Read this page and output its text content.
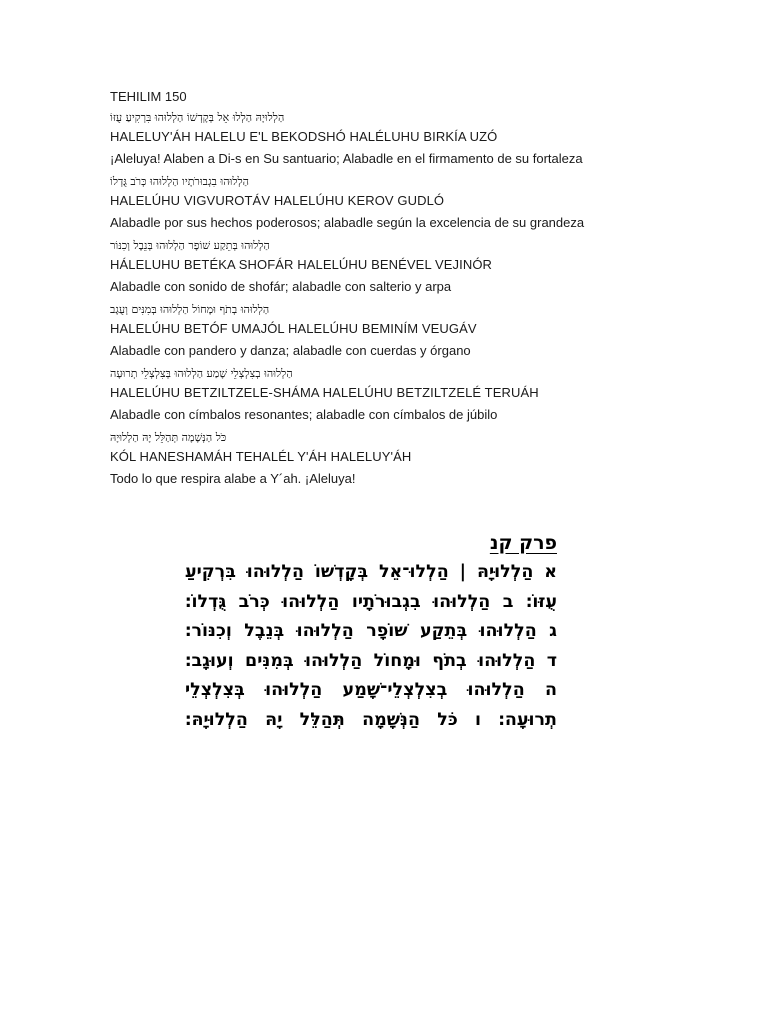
TEHILIM 150
הַלְלוּיָהּ הַלְלוּ אֵל בְּקָדְשׁוֹ הַלְלוּהוּ בִּרְקִיעַ עֻזּוֹ
HALELUY'ÁH HALELU E'L BEKODSHÓ HALÉLUHU BIRKÍA UZÓ
¡Aleluya! Alaben a Di-s en Su santuario; Alabadle en el firmamento de su fortaleza
הַלְלוּהוּ בִגְבוּרֹתָיו הַלְלוּהוּ כְּרֹב גֻּדְלוֹ
HALELÚHU VIGVUROTÁV HALELÚHU KEROV GUDLÓ
Alabadle por sus hechos poderosos; alabadle según la excelencia de su grandeza
הַלְלוּהוּ בְּתֵקַע שׁוֹפָר הַלְלוּהוּ בְּנֵבֶל וְכִנּוֹר
HÁLELUHU BETÉKA SHOFÁR HALELÚHU BENÉVEL VEJINÓR
Alabadle con sonido de shofár; alabadle con salterio y arpa
הַלְלוּהוּ בְתֹף וּמָחוֹל הַלְלוּהוּ בְּמִנִּים וְעֻגָב
HALELÚHU BETÓF UMAJÓL HALELÚHU BEMINÍM VEUGÁV
Alabadle con pandero y danza; alabadle con cuerdas y órgano
הַלְלוּהוּ בְצִלְצְלֵי שָׁמַע הַלְלוּהוּ בְּצִלְצְלֵי תְרוּעָה
HALELÚHU BETZILTZELE-SHÁMA HALELÚHU BETZILTZELÉ TERUÁH
Alabadle con címbalos resonantes; alabadle con címbalos de júbilo
כֹּל הַנְּשָׁמָה תְּהַלֵּל יָהּ הַלְלוּיָהּ
KÓL HANESHAMÁH TEHALÉL Y'ÁH HALELUY'ÁH
Todo lo que respira alabe a Y´ah. ¡Aleluya!
פרק קנ
א הַלְלוּיָהּ | הַלְלוּ־אֵל בְּקָדְשׁוֹ הַלְלוּהוּ בִּרְקִיעַ
עֻזּוֹ׃ ב הַלְלוּהוּ בִגְבוּרֹתָיו הַלְלוּהוּ כְּרֹב גֻּדְלוֹ׃
ג הַלְלוּהוּ בְּתֵקַע שׁוֹפָר הַלְלוּהוּ בְּנֵבֶל וְכִנּוֹר׃
ד הַלְלוּהוּ בְתֹף וּמָחוֹל הַלְלוּהוּ בְּמִנִּים וְעוּגָב׃
ה הַלְלוּהוּ בְצִלְצְלֵי־שָׁמַע הַלְלוּהוּ בְּצִלְצְלֵי
תְרוּעָה׃ ו כֹּל הַנְּשָׁמָה תְּהַלֵּל יָהּ הַלְלוּיָהּ׃
